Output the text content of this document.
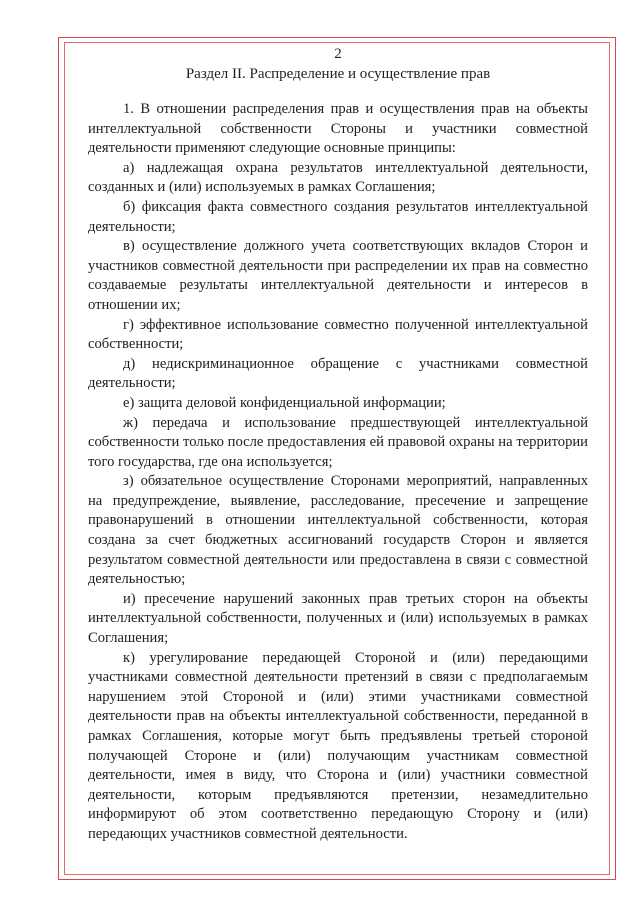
2

Раздел II. Распределение и осуществление прав

1. В отношении распределения прав и осуществления прав на объекты интеллектуальной собственности Стороны и участники совместной деятельности применяют следующие основные принципы:

а) надлежащая охрана результатов интеллектуальной деятельности, созданных и (или) используемых в рамках Соглашения;

б) фиксация факта совместного создания результатов интеллектуальной деятельности;

в) осуществление должного учета соответствующих вкладов Сторон и участников совместной деятельности при распределении их прав на совместно создаваемые результаты интеллектуальной деятельности и интересов в отношении их;

г) эффективное использование совместно полученной интеллектуальной собственности;

д) недискриминационное обращение с участниками совместной деятельности;

е) защита деловой конфиденциальной информации;

ж) передача и использование предшествующей интеллектуальной собственности только после предоставления ей правовой охраны на территории того государства, где она используется;

з) обязательное осуществление Сторонами мероприятий, направленных на предупреждение, выявление, расследование, пресечение и запрещение правонарушений в отношении интеллектуальной собственности, которая создана за счет бюджетных ассигнований государств Сторон и является результатом совместной деятельности или предоставлена в связи с совместной деятельностью;

и) пресечение нарушений законных прав третьих сторон на объекты интеллектуальной собственности, полученных и (или) используемых в рамках Соглашения;

к) урегулирование передающей Стороной и (или) передающими участниками совместной деятельности претензий в связи с предполагаемым нарушением этой Стороной и (или) этими участниками совместной деятельности прав на объекты интеллектуальной собственности, переданной в рамках Соглашения, которые могут быть предъявлены третьей стороной получающей Стороне и (или) получающим участникам совместной деятельности, имея в виду, что Сторона и (или) участники совместной деятельности, которым предъявляются претензии, незамедлительно информируют об этом соответственно передающую Сторону и (или) передающих участников совместной деятельности.
